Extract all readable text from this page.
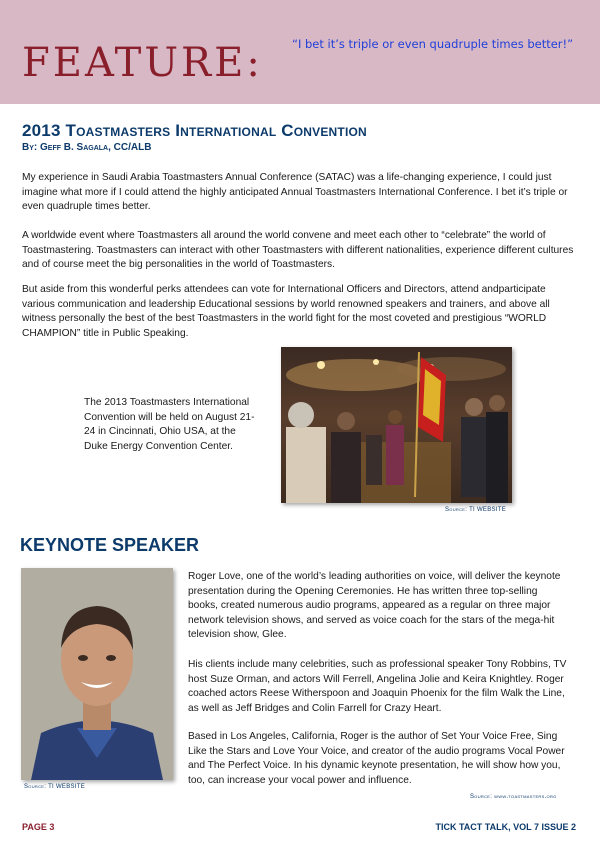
FEATURE:	“I bet it’s triple or even quadruple times better!”
2013 Toastmasters International Convention
By: Geff B. Sagala, CC/ALB
My experience in Saudi Arabia Toastmasters Annual Conference (SATAC) was a life-changing experience, I could just imagine what more if I could attend the highly anticipated Annual Toastmasters International Conference. I bet it’s triple or even quadruple times better.
A worldwide event where Toastmasters all around the world convene and meet each other to “celebrate” the world of Toastmastering. Toastmasters can interact with other Toastmasters with different nationalities, experience different cultures and of course meet the big personalities in the world of Toastmasters.
But aside from this wonderful perks attendees can vote for International Officers and Directors, attend andparticipate various communication and leadership Educational sessions by world renowned speakers and trainers, and above all witness personally the best of the best Toastmasters in the world fight for the most coveted and prestigious “WORLD CHAMPION” title in Public Speaking.
The 2013 Toastmasters International Convention will be held on August 21-24 in Cincinnati, Ohio USA, at the Duke Energy Convention Center.
Source: TI WEBSITE
KEYNOTE SPEAKER
Source: TI WEBSITE
Roger Love, one of the world’s leading authorities on voice, will deliver the keynote presentation during the Opening Ceremonies. He has written three top-selling books, created numerous audio programs, appeared as a regular on three major network television shows, and served as voice coach for the stars of the mega-hit television show, Glee.
His clients include many celebrities, such as professional speaker Tony Robbins, TV host Suze Orman, and actors Will Ferrell, Angelina Jolie and Keira Knightley. Roger coached actors Reese Witherspoon and Joaquin Phoenix for the film Walk the Line, as well as Jeff Bridges and Colin Farrell for Crazy Heart.
Based in Los Angeles, California, Roger is the author of Set Your Voice Free, Sing Like the Stars and Love Your Voice, and creator of the audio programs Vocal Power and The Perfect Voice. In his dynamic keynote presentation, he will show how you, too, can increase your vocal power and influence.
Source: www.toastmasters.org
PAGE 3	TICK TACT TALK, VOL 7 ISSUE 2
